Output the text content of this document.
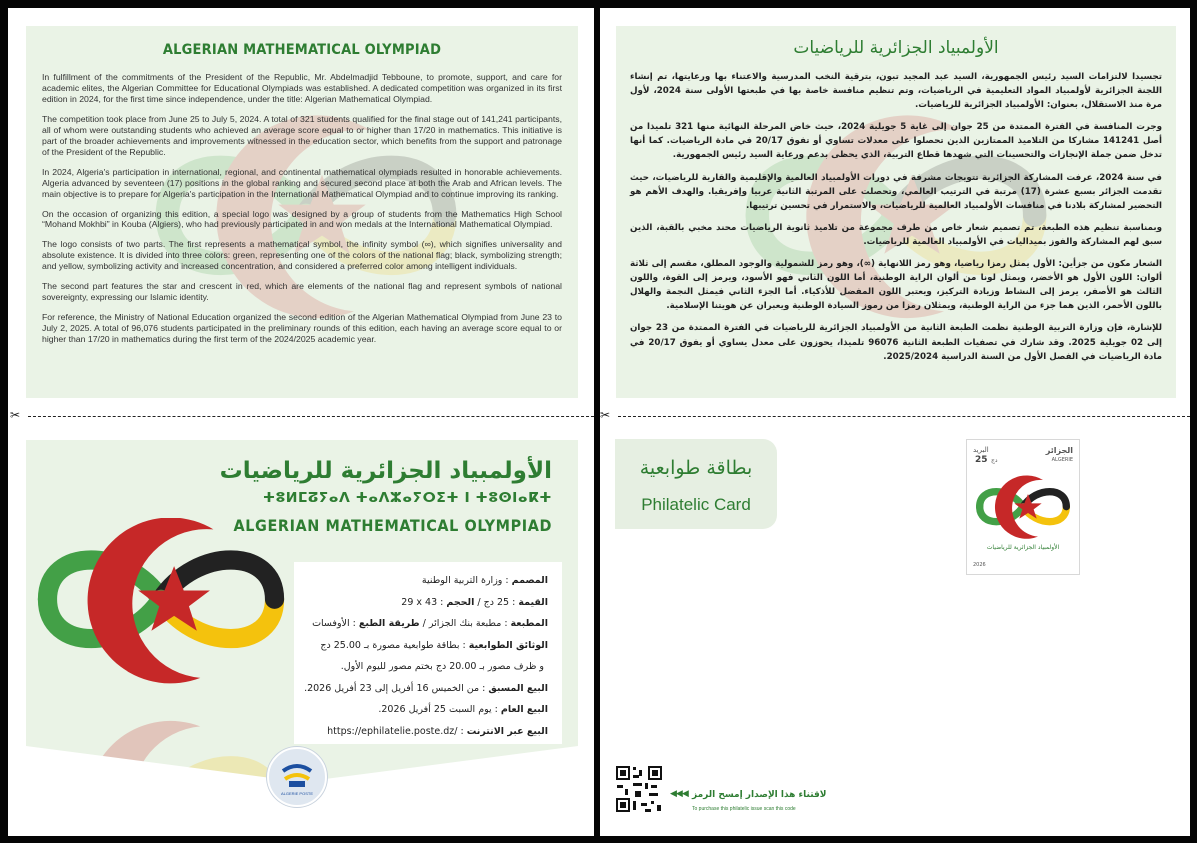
ALGERIAN MATHEMATICAL OLYMPIAD

In fulfillment of the commitments of the President of the Republic, Mr. Abdelmadjid Tebboune, to promote, support, and care for academic elites, the Algerian Committee for Educational Olympiads was established. A dedicated competition was organized in its first edition in 2024, for the first time since independence, under the title: Algerian Mathematical Olympiad.

The competition took place from June 25 to July 5, 2024. A total of 321 students qualified for the final stage out of 141,241 participants, all of whom were outstanding students who achieved an average score equal to or higher than 17/20 in mathematics. This initiative is part of the broader achievements and improvements witnessed in the education sector, which benefits from the support and patronage of the President of the Republic.

In 2024, Algeria's participation in international, regional, and continental mathematical olympiads resulted in honorable achievements. Algeria advanced by seventeen (17) positions in the global ranking and secured second place at both the Arab and African levels. The main objective is to prepare for Algeria's participation in the International Mathematical Olympiad and to continue improving its ranking.

On the occasion of organizing this edition, a special logo was designed by a group of students from the Mathematics High School “Mohand Mokhbi” in Kouba (Algiers), who had previously participated in and won medals at the International Mathematical Olympiad.

The logo consists of two parts. The first represents a mathematical symbol, the infinity symbol (∞), which signifies universality and absolute existence. It is divided into three colors: green, representing one of the colors of the national flag; black, symbolizing strength; and yellow, symbolizing activity and increased concentration, and considered a preferred color among intelligent individuals.

The second part features the star and crescent in red, which are elements of the national flag and represent symbols of national sovereignty, expressing our Islamic identity.

For reference, the Ministry of National Education organized the second edition of the Algerian Mathematical Olympiad from June 23 to July 2, 2025. A total of 96,076 students participated in the preliminary rounds of this edition, each having an average score equal to or higher than 17/20 in mathematics during the first term of the 2024/2025 academic year.

✂
الأولمبياد الجزائرية للرياضيات
ⵜⵓⵍⵎⵒⵢⴰⴷ ⵜⴰⴷⵣⴰⵢⵔⵉⵜ ⵏ ⵜⵓⵙⵏⴰⴽⵜ
ALGERIAN MATHEMATICAL OLYMPIAD
المصمم : وزارة التربية الوطنية
القيمة : 25 دج / الحجم : 29 x 43
المطبعة : مطبعة بنك الجزائر / طريقة الطبع : الأوفسات
الوثائق الطوابعية : بطاقة طوابعية مصورة بـ 25.00 دج
و ظرف مصور بـ 20.00 دج بختم مصور لليوم الأول.
البيع المسبق : من الخميس 16 أفريل إلى 23 أفريل 2026.
البيع العام : يوم السبت 25 أفريل 2026.
البيع عبر الانترنت : https://ephilatelie.poste.dz/
ALGERIE POSTE
الأولمبياد الجزائرية للرياضيات

تجسيدا لالتزامات السيد رئيس الجمهورية، السيد عبد المجيد تبون، بترقية النخب المدرسية والاعتناء بها ورعايتها، تم إنشاء اللجنة الجزائرية لأولمبياد المواد التعليمية في الرياضيات، وتم تنظيم منافسة خاصة بها في طبعتها الأولى سنة 2024، لأول مرة منذ الاستقلال، بعنوان: الأولمبياد الجزائرية للرياضيات.

وجرت المنافسة في الفترة الممتدة من 25 جوان إلى غاية 5 جويلية 2024، حيث خاض المرحلة النهائية منها 321 تلميذا من أصل 141241 مشاركا من التلاميذ الممتازين الذين تحصلوا على معدلات تساوي أو تفوق 20/17 في مادة الرياضيات. كما أنها تدخل ضمن جملة الإنجازات والتحسينات التي شهدها قطاع التربية، الذي يحظى بدعم ورعاية السيد رئيس الجمهورية.

في سنة 2024، عرفت المشاركة الجزائرية تتويجات مشرفة في دورات الأولمبياد العالمية والإقليمية والقارية للرياضيات، حيث تقدمت الجزائر بسبع عشرة (17) مرتبة في الترتيب العالمي، وتحصلت على المرتبة الثانية عربيا وإفريقيا. والهدف الأهم هو التحضير لمشاركة بلادنا في منافسات الأولمبياد العالمية للرياضيات، والاستمرار في تحسين ترتيبها.

وبمناسبة تنظيم هذه الطبعة، تم تصميم شعار خاص من طرف مجموعة من تلاميذ ثانوية الرياضيات محند مخبي بالقبة، الذين سبق لهم المشاركة والفوز بميداليات في الأولمبياد العالمية للرياضيات.

الشعار مكون من جزأين: الأول يمثل رمزا رياضيا، وهو رمز اللانهاية (∞)، وهو رمز للشمولية والوجود المطلق، مقسم إلى ثلاثة ألوان: اللون الأول هو الأخضر، ويمثل لونا من ألوان الراية الوطنية، أما اللون الثاني فهو الأسود، ويرمز إلى القوة، واللون الثالث هو الأصفر، يرمز إلى النشاط وزيادة التركيز، ويعتبر اللون المفضل للأذكياء. أما الجزء الثاني فيمثل النجمة والهلال باللون الأحمر، الذين هما جزء من الراية الوطنية، ويمثلان رمزا من رموز السيادة الوطنية ويعبران عن هويتنا الإسلامية.

للإشارة، فإن وزارة التربية الوطنية نظمت الطبعة الثانية من الأولمبياد الجزائرية للرياضيات في الفترة الممتدة من 23 جوان إلى 02 جويلية 2025. وقد شارك في تصفيات الطبعة الثانية 96076 تلميذا، يحوزون على معدل يساوي أو يفوق 20/17 في مادة الرياضيات في الفصل الأول من السنة الدراسية 2025/2024.

✂
بطاقة طوابعية
Philatelic Card
الجزائر
ALGERIE
البريد
25 دج
الأولمبياد الجزائرية للرياضيات
2026
◀◀◀ لاقتناء هذا الإصدار إمسح الرمز
To purchase this philatelic issue scan this code
